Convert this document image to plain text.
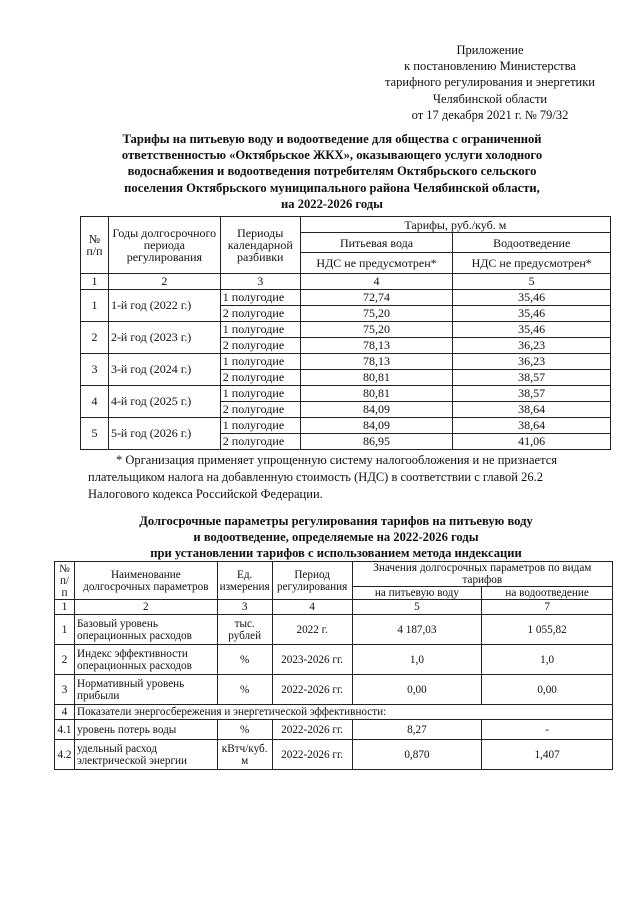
Приложение
к постановлению Министерства
тарифного регулирования и энергетики
Челябинской области
от 17 декабря 2021 г. № 79/32
Тарифы на питьевую воду и водоотведение для общества с ограниченной
ответственностью «Октябрьское ЖКХ», оказывающего услуги холодного
водоснабжения и водоотведения потребителям Октябрьского сельского
поселения Октябрьского муниципального района Челябинской области,
на 2022-2026 годы
№ п/п	Годы долгосрочного периода регулирования	Периоды календарной разбивки	Тарифы, руб./куб. м	
			Питьевая вода	Водоотведение
			НДС не предусмотрен*	НДС не предусмотрен*
1	2	3	4	5
1	1-й год (2022 г.)	1 полугодие	72,74	35,46
		2 полугодие	75,20	35,46
2	2-й год (2023 г.)	1 полугодие	75,20	35,46
		2 полугодие	78,13	36,23
3	3-й год (2024 г.)	1 полугодие	78,13	36,23
		2 полугодие	80,81	38,57
4	4-й год (2025 г.)	1 полугодие	80,81	38,57
		2 полугодие	84,09	38,64
5	5-й год (2026 г.)	1 полугодие	84,09	38,64
		2 полугодие	86,95	41,06
* Организация применяет упрощенную систему налогообложения и не признается
плательщиком налога на добавленную стоимость (НДС) в соответствии с главой 26.2
Налогового кодекса Российской Федерации.
Долгосрочные параметры регулирования тарифов на питьевую воду
и водоотведение, определяемые на 2022-2026 годы
при установлении тарифов с использованием метода индексации
№ п/п	Наименование долгосрочных параметров	Ед. измерения	Период регулирования	Значения долгосрочных параметров по видам тарифов	
				на питьевую воду	на водоотведение
1	2	3	4	5	7
1	Базовый уровень операционных расходов	тыс. рублей	2022 г.	4 187,03	1 055,82
2	Индекс эффективности операционных расходов	%	2023-2026 гг.	1,0	1,0
3	Нормативный уровень прибыли	%	2022-2026 гг.	0,00	0,00
4	Показатели энергосбережения и энергетической эффективности:				
4.1	уровень потерь воды	%	2022-2026 гг.	8,27	-
4.2	удельный расход электрической энергии	кВтч/куб. м	2022-2026 гг.	0,870	1,407
